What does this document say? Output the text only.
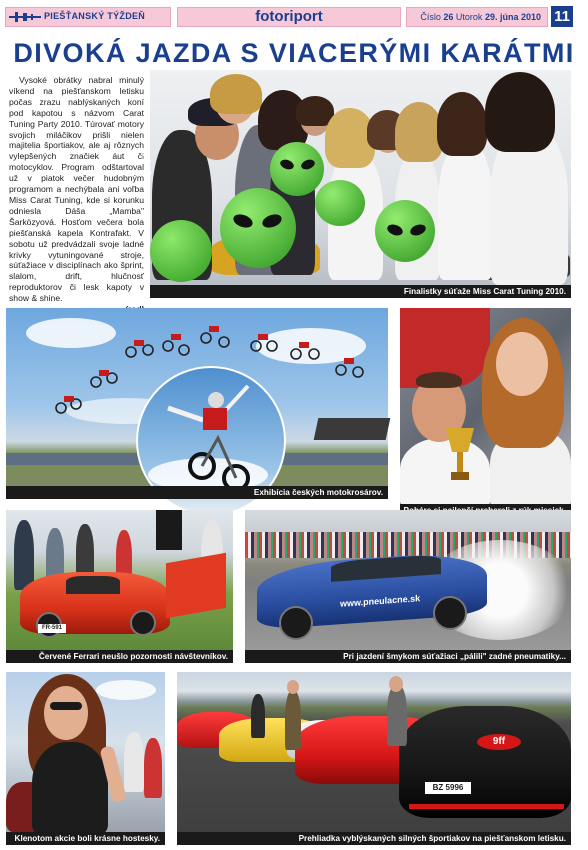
PIEŠŤANSKÝ TÝŽDEŇ	fotoriport	Číslo 26 Utorok 29. júna 2010 11
DIVOKÁ JAZDA S VIACERÝMI KARÁTMI
Vysoké obrátky nabral minulý víkend na piešťanskom letisku počas zrazu nablýskaných koní pod kapotou s názvom Carat Tuning Party 2010. Túrovať motory svojich miláčikov prišli nielen majitelia športiakov, ale aj rôznych vylepšených značiek áut či motocyklov. Program odštartoval už v piatok večer hudobným programom a nechýbala ani voľba Miss Carat Tuning, kde si korunku odniesla Dáša „Mamba" Šarközyová. Hosťom večera bola piešťanská kapela Kontrafakt. V sobotu už predvádzali svoje ladné krivky vytuningované stroje, súťažiace v disciplínach ako šprint, slalom, drift, hlučnosť reproduktorov či lesk kapoty v show & shine.
Miss
Finalistky súťaže Miss Carat Tuning 2010.
Exhibícia českých motokrosárov.
FR-591
Červené Ferrari neušlo pozornosti návštevníkov.
www.pneulacne.sk
Pri jazdení šmykom súťažiaci „pálili" zadné pneumatiky...
Klenotom akcie boli krásne hostesky.
9ff
BZ 5996
Prehliadka vyblýskaných silných športiakov na piešťanskom letisku.
